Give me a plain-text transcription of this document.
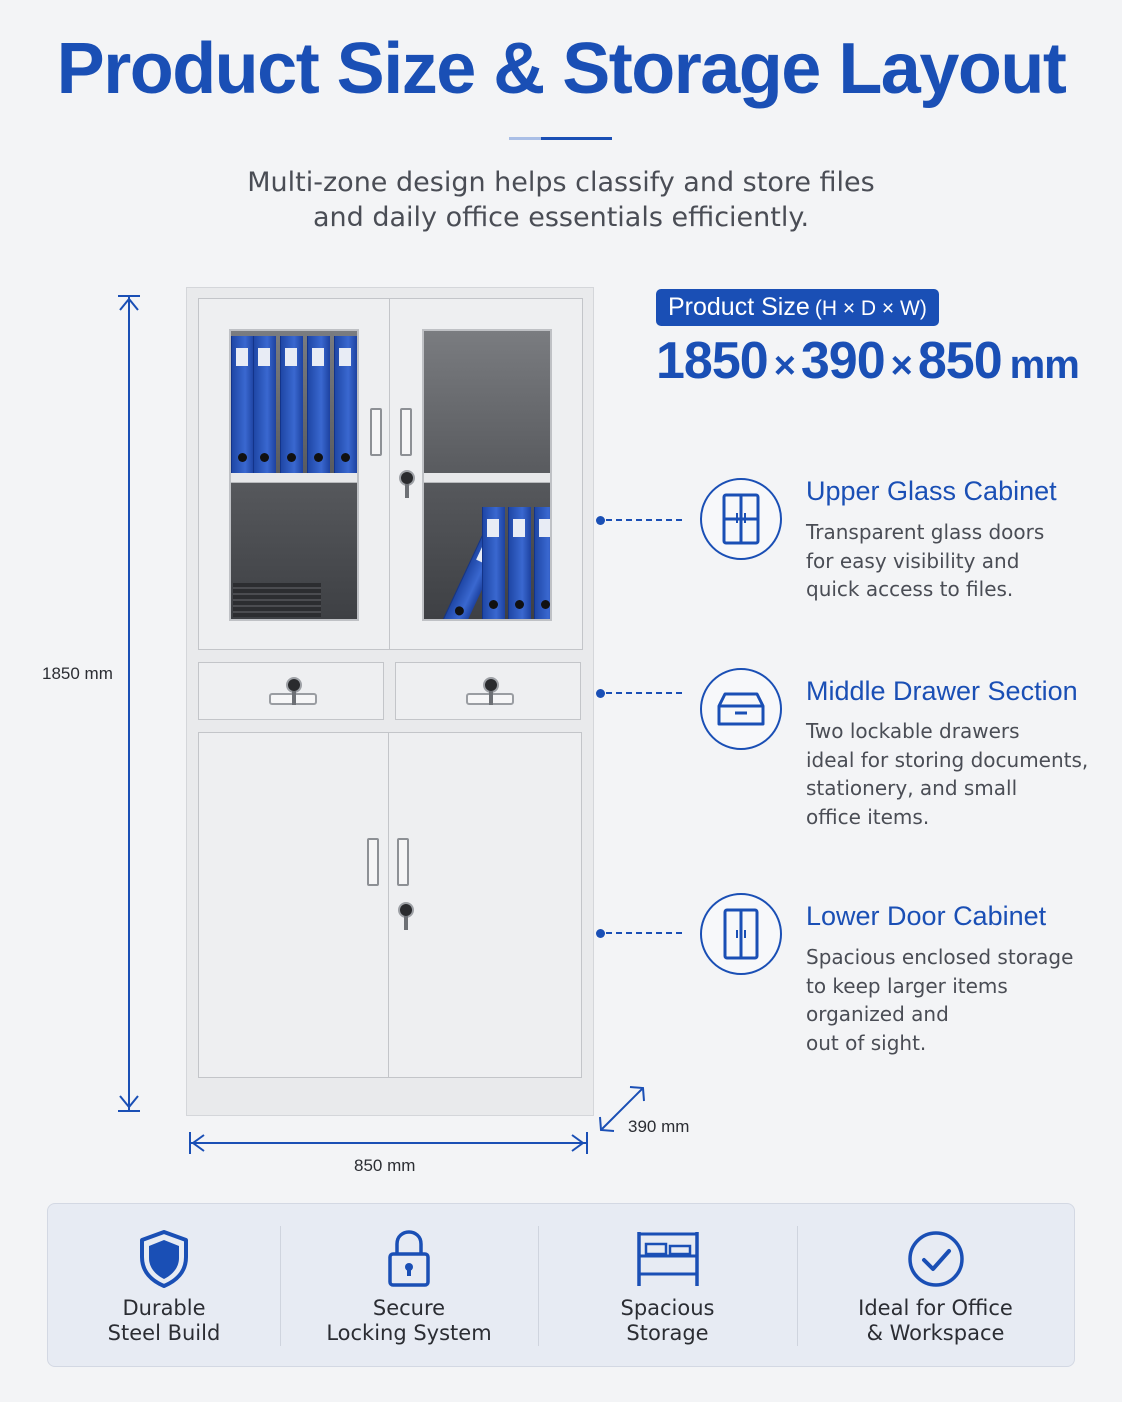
Product Size & Storage Layout
Multi-zone design helps classify and store files
and daily office essentials efficiently.
1850 mm
850 mm
390 mm
Product Size (H × D × W)
1850 × 390 × 850 mm
Upper Glass Cabinet
Transparent glass doors
for easy visibility and
quick access to files.
Middle Drawer Section
Two lockable drawers
ideal for storing documents,
stationery, and small
office items.
Lower Door Cabinet
Spacious enclosed storage
to keep larger items
organized and
out of sight.
Durable
Steel Build
Secure
Locking System
Spacious
Storage
Ideal for Office
& Workspace
